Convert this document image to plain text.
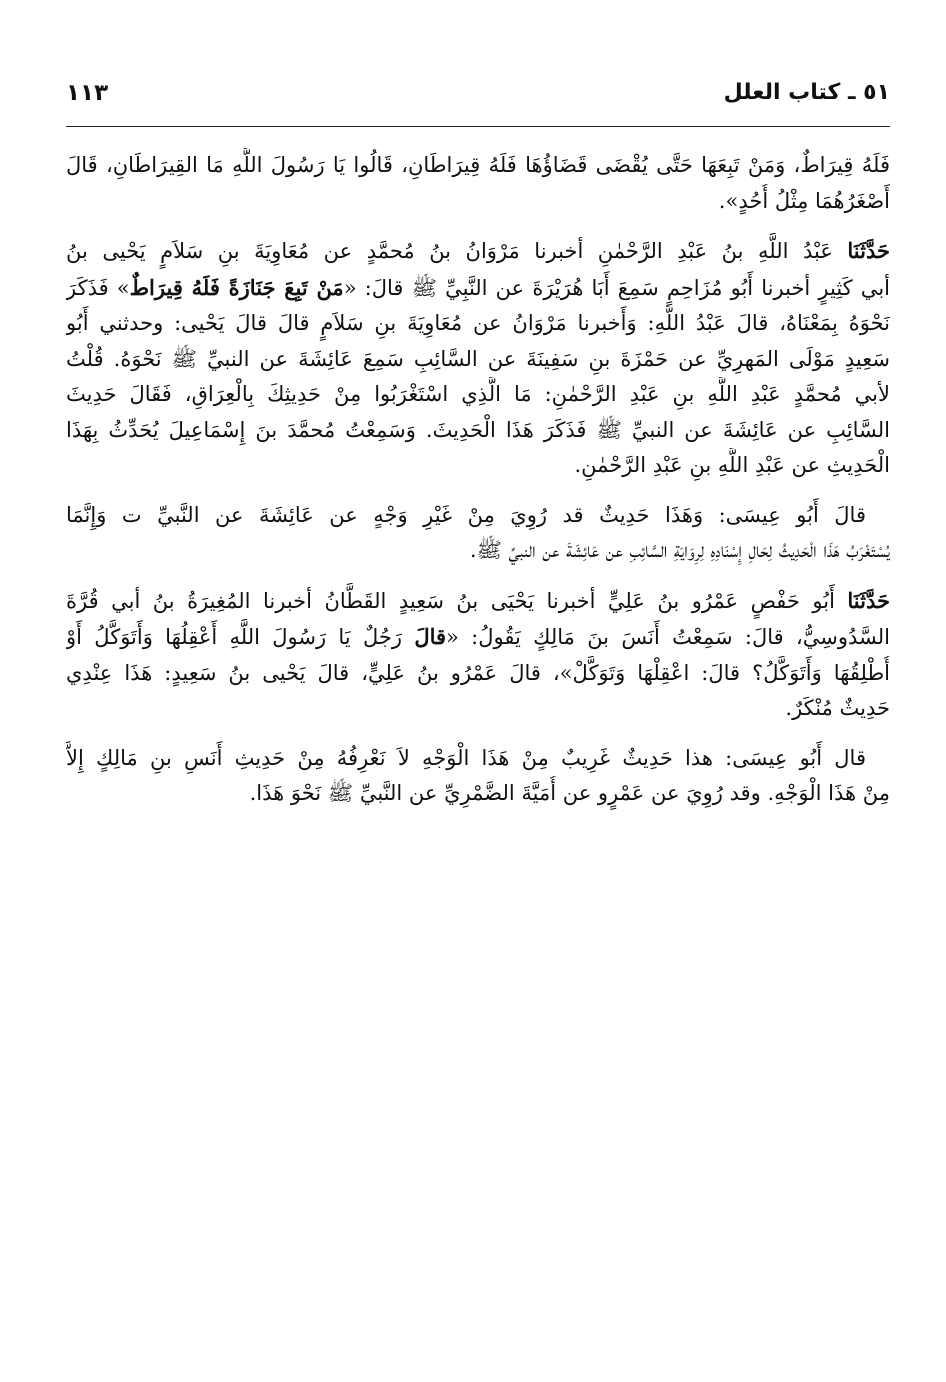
٥١ ـ كتاب العلل
١١٣
فَلَهُ قِيرَاطٌ، وَمَنْ تَبِعَهَا حَتَّى يُقْضَى قَضَاؤُهَا فَلَهُ قِيرَاطَانِ، قَالُوا يَا رَسُولَ اللَّهِ مَا القِيرَاطَانِ، قَالَ
أَصْغَرُهُمَا مِثْلُ أُحُدٍ».
حَدَّثَنَا عَبْدُ اللَّهِ بنُ عَبْدِ الرَّحْمٰنِ أخبرنا مَرْوَانُ بنُ مُحمَّدٍ عن مُعَاوِيَةَ بنِ سَلاَمٍ يَحْيى بنُ
أبي كَثِيرٍ أخبرنا أَبُو مُزَاحِمٍ سَمِعَ أَبَا هُرَيْرَةَ عن النَّبِيِّ ﷺ قالَ: «مَنْ تَبِعَ جَنَازَةً فَلَهُ قِيرَاطٌ» فَذَكَرَ
نَحْوَهُ بِمَعْنَاهُ، قالَ عَبْدُ اللَّهِ: وَأَخبرنا مَرْوَانُ عن مُعَاوِيَةَ بنِ سَلاَمٍ قالَ قالَ يَحْيى: وحدثني أَبُو
سَعِيدٍ مَوْلَى المَهرِيِّ عن حَمْزَةَ بنِ سَفِينَةَ عن السَّائِبِ سَمِعَ عَائِشَةَ عن النبيِّ ﷺ نَحْوَهُ. قُلْتُ
لأبي مُحمَّدٍ عَبْدِ اللَّهِ بنِ عَبْدِ الرَّحْمٰنِ: مَا الَّذِي اسْتَغْرَبُوا مِنْ حَدِيثِكَ بِالْعِرَاقِ، فَقَالَ حَدِيثَ
السَّائِبِ عن عَائِشَةَ عن النبيِّ ﷺ فَذَكَرَ هَذَا الْحَدِيثَ. وَسَمِعْتُ مُحمَّدَ بنَ إِسْمَاعِيلَ يُحَدِّثُ بِهَذَا
الْحَدِيثِ عن عَبْدِ اللَّهِ بنِ عَبْدِ الرَّحْمٰنِ.
قالَ أَبُو عِيسَى: وَهَذَا حَدِيثٌ قد رُوِيَ مِنْ غَيْرِ وَجْهٍ عن عَائِشَةَ عن النَّبيِّ ت وَإِنَّمَا
يُسْتَغْرَبُ هَذَا الْحَدِيثُ لِحَالِ إِسْنَادِهِ لِرِوَايَةِ السَّائِبِ عن عَائِشَةَ عن النبيِّ ﷺ.
حَدَّثَنَا أَبُو حَفْصٍ عَمْرُو بنُ عَلِيٍّ أخبرنا يَحْيَى بنُ سَعِيدٍ القَطَّانُ أخبرنا المُغِيرَةُ بنُ أبي قُرَّةَ
السَّدُوسِيُّ، قالَ: سَمِعْتُ أَنَسَ بنَ مَالِكٍ يَقُولُ: «قالَ رَجُلٌ يَا رَسُولَ اللَّهِ أَعْقِلُهَا وَأَتَوَكَّلُ أَوْ
أُطْلِقُهَا وَأَتَوَكَّلُ؟ قالَ: اعْقِلْهَا وَتَوَكَّلْ»، قالَ عَمْرُو بنُ عَلِيٍّ، قالَ يَحْيى بنُ سَعِيدٍ: هَذَا عِنْدِي
حَدِيثٌ مُنْكَرٌ.
قال أَبُو عِيسَى: هذا حَدِيثٌ غَرِيبٌ مِنْ هَذَا الْوَجْهِ لاَ نَعْرِفُهُ مِنْ حَدِيثِ أَنَسِ بنِ مَالِكٍ إِلاَّ
مِنْ هَذَا الْوَجْهِ. وقد رُوِيَ عن عَمْرٍو عن أُمَيَّةَ الضَّمْرِيِّ عن النَّبيِّ ﷺ نَحْوَ هَذَا.
